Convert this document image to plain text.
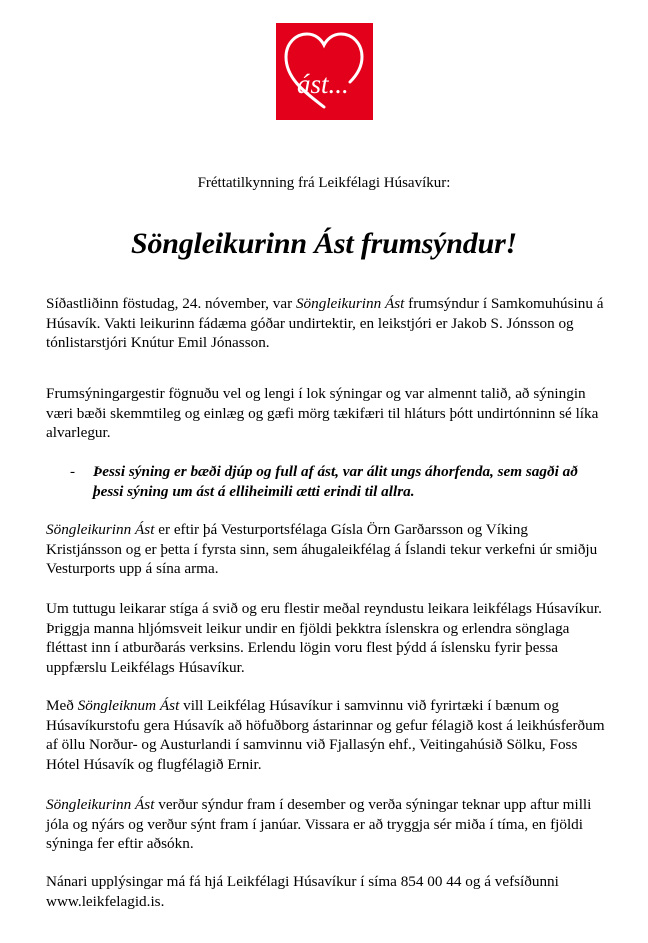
ást...
Fréttatilkynning frá Leikfélagi Húsavíkur:
Söngleikurinn Ást frumsýndur!

Síðastliðinn föstudag, 24. nóvember, var Söngleikurinn Ást frumsýndur í Samkomuhúsinu á Húsavík. Vakti leikurinn fádæma góðar undirtektir, en leikstjóri er Jakob S. Jónsson og tónlistarstjóri Knútur Emil Jónasson.

Frumsýningargestir fögnuðu vel og lengi í lok sýningar og var almennt talið, að sýningin væri bæði skemmtileg og einlæg og gæfi mörg tækifæri til hláturs þótt undirtónninn sé líka alvarlegur.

- Þessi sýning er bæði djúp og full af ást, var álit ungs áhorfenda, sem sagði að þessi sýning um ást á elliheimili ætti erindi til allra.

Söngleikurinn Ást er eftir þá Vesturportsfélaga Gísla Örn Garðarsson og Víking Kristjánsson og er þetta í fyrsta sinn, sem áhugaleikfélag á Íslandi tekur verkefni úr smiðju Vesturports upp á sína arma.

Um tuttugu leikarar stíga á svið og eru flestir meðal reyndustu leikara leikfélags Húsavíkur. Þriggja manna hljómsveit leikur undir en fjöldi þekktra íslenskra og erlendra sönglaga fléttast inn í atburðarás verksins. Erlendu lögin voru flest þýdd á íslensku fyrir þessa uppfærslu Leikfélags Húsavíkur.

Með Söngleiknum Ást vill Leikfélag Húsavíkur i samvinnu við fyrirtæki í bænum og Húsavíkurstofu gera Húsavík að höfuðborg ástarinnar og gefur félagið kost á leikhúsferðum af öllu Norður- og Austurlandi í samvinnu við Fjallasýn ehf., Veitingahúsið Sölku, Foss Hótel Húsavík og flugfélagið Ernir.

Söngleikurinn Ást verður sýndur fram í desember og verða sýningar teknar upp aftur milli jóla og nýárs og verður sýnt fram í janúar. Vissara er að tryggja sér miða í tíma, en fjöldi sýninga fer eftir aðsókn.

Nánari upplýsingar má fá hjá Leikfélagi Húsavíkur í síma 854 00 44 og á vefsíðunni www.leikfelagid.is.
